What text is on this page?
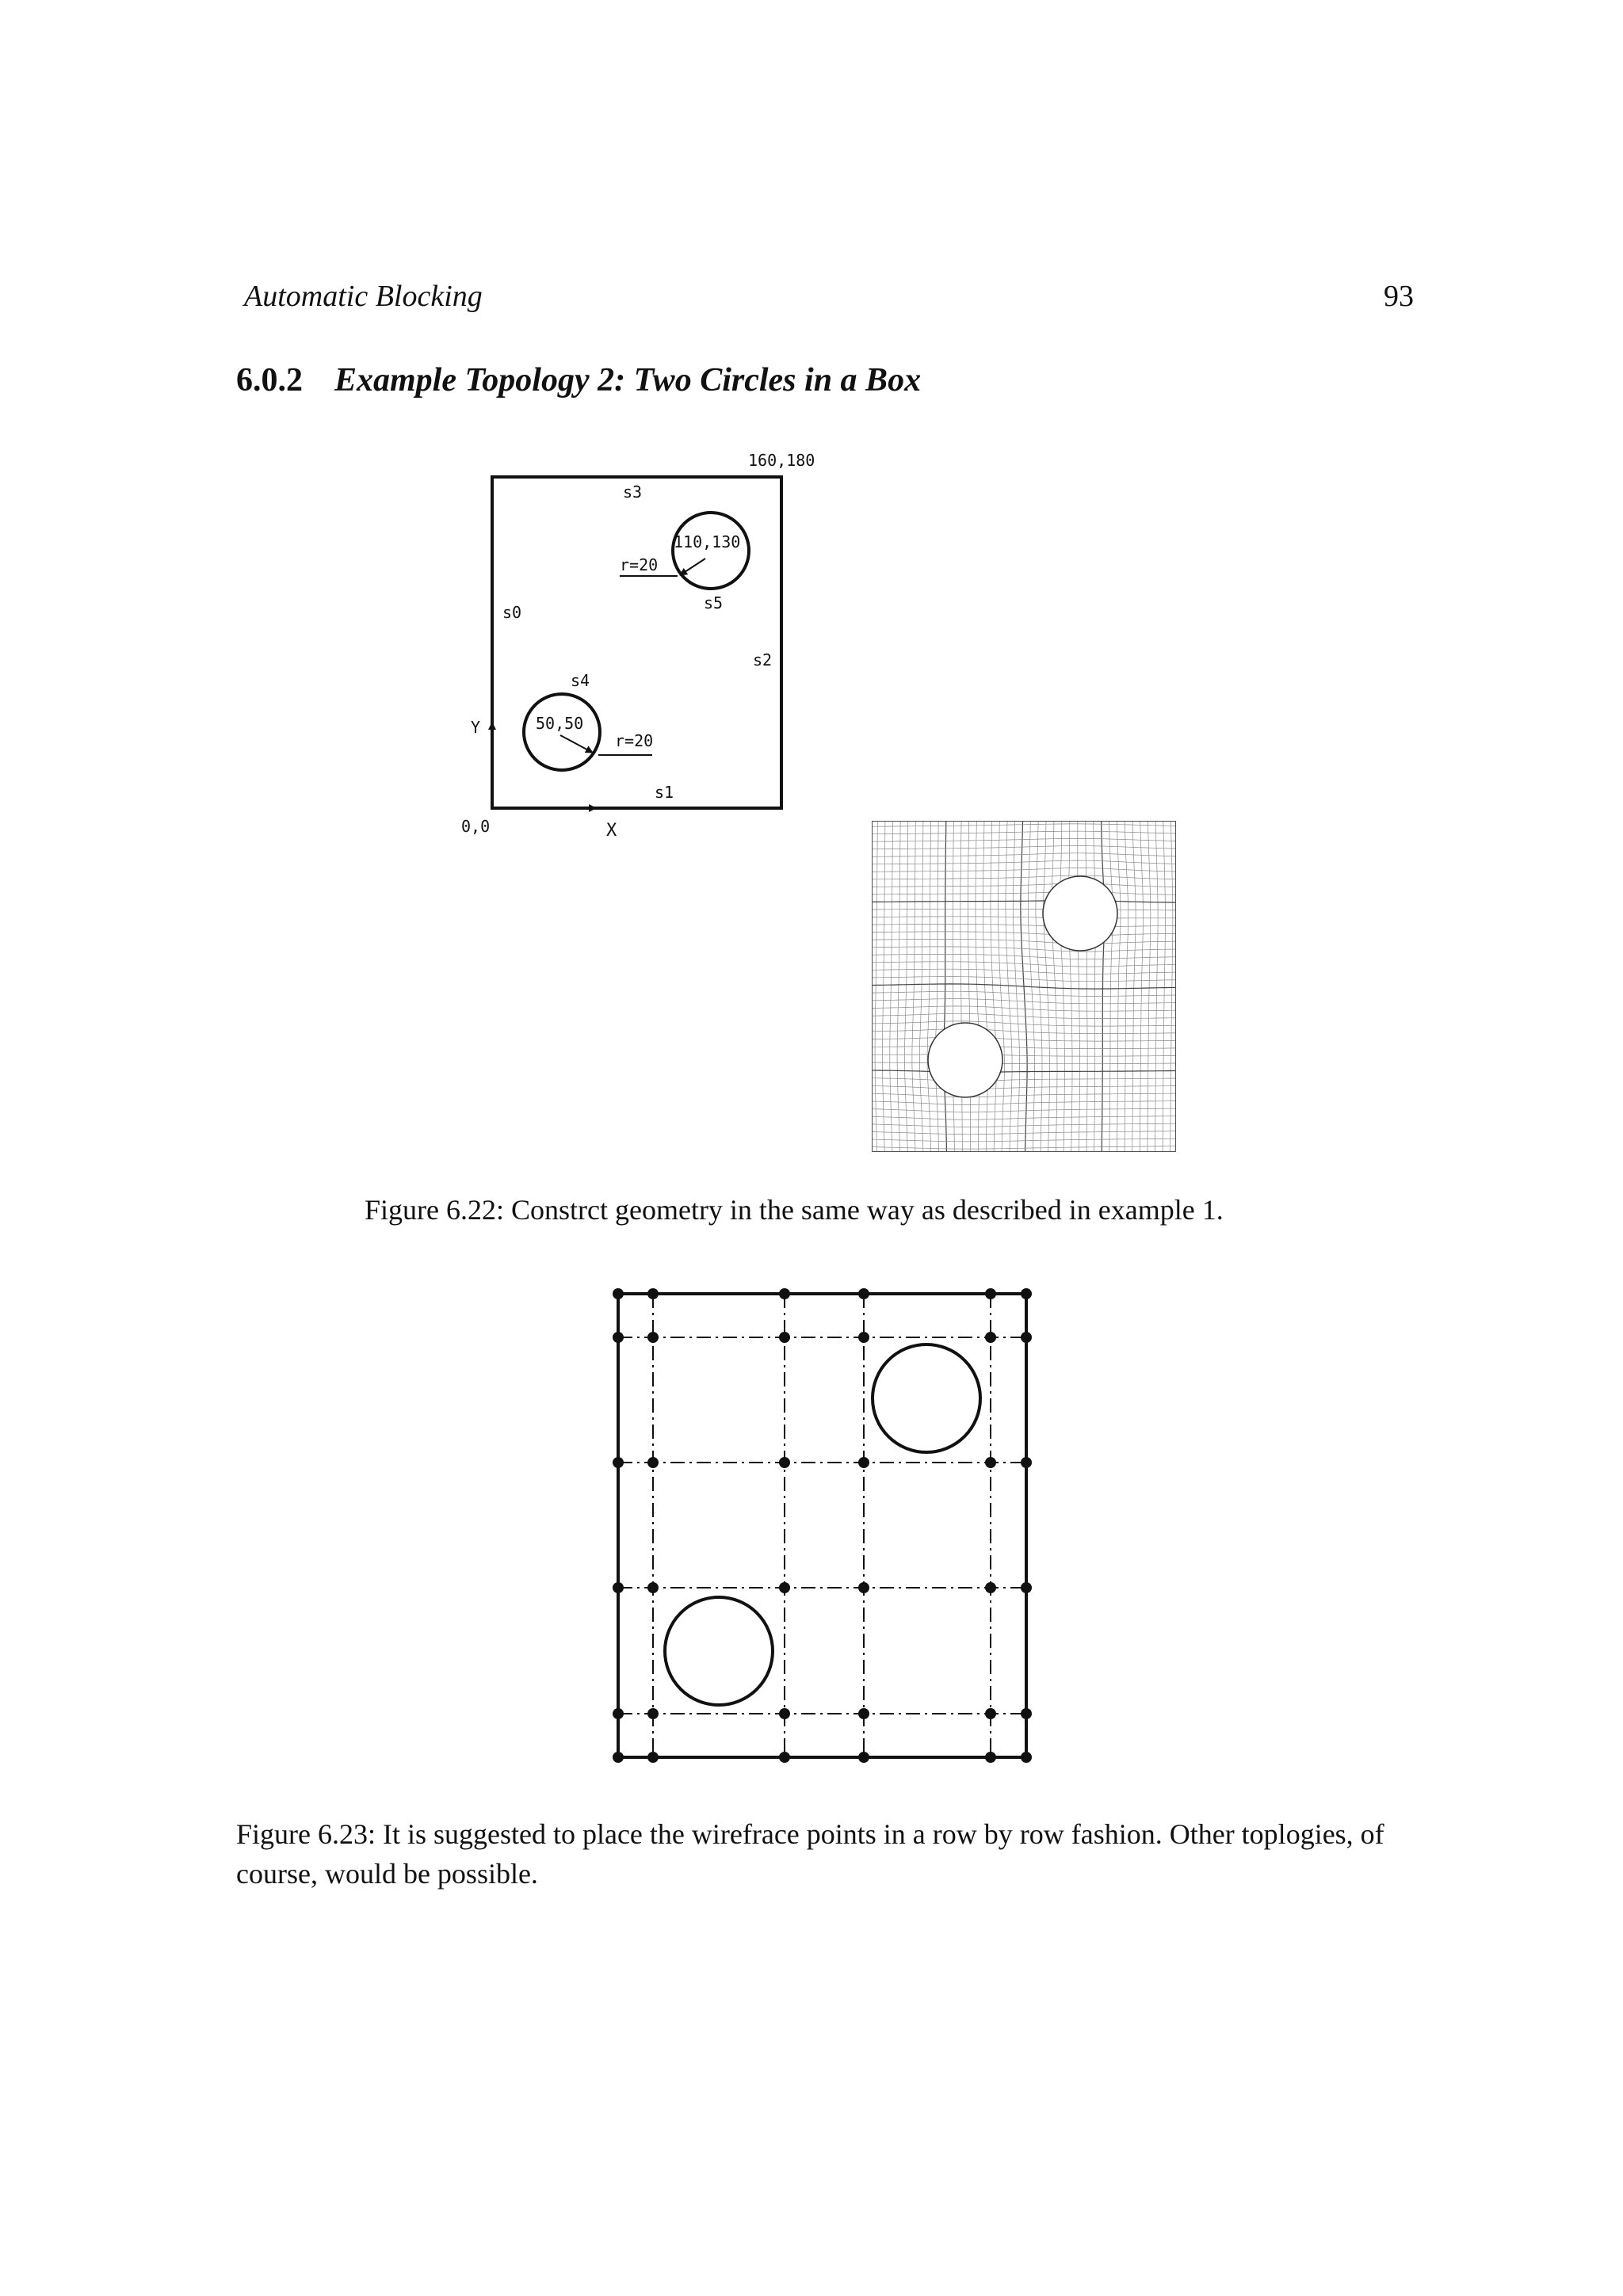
Automatic Blocking	93
6.0.2 Example Topology 2: Two Circles in a Box
160,180
0,0
s3
s0
s2
s4
s5
s1
110,130
r=20
50,50
r=20
X
Y
Figure 6.22: Constrct geometry in the same way as described in example 1.
Figure 6.23: It is suggested to place the wirefrace points in a row by row fashion. Other toplogies, of course, would be possible.
